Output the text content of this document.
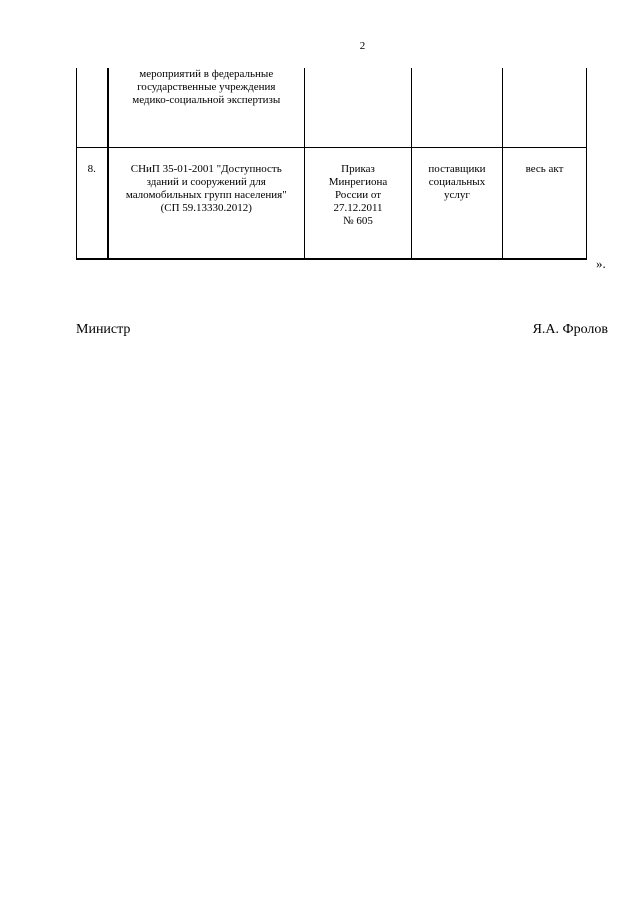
2

	мероприятий в федеральные
государственные учреждения
медико-социальной экспертизы			

8.	СНиП 35-01-2001 "Доступность
зданий и сооружений для
маломобильных групп населения"
(СП 59.13330.2012)	Приказ
Минрегиона
России от
27.12.2011
№ 605	поставщики
социальных
услуг	весь акт
».
Министр	Я.А. Фролов
